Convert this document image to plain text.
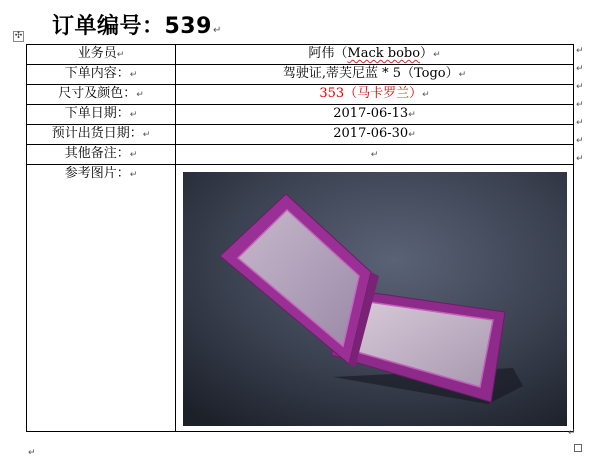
订单编号：539↵
✣
业务员↵	阿伟（Mack bobo）↵
下单内容：↵	驾驶证,蒂芙尼蓝 * 5（Togo）↵
尺寸及颜色：↵	353（马卡罗兰）↵
下单日期：↵	2017-06-13↵
预计出货日期：↵	2017-06-30↵
其他备注：↵	↵
参考图片：↵	
↵
↵
↵
↵
↵
↵
↵
↵
↵
